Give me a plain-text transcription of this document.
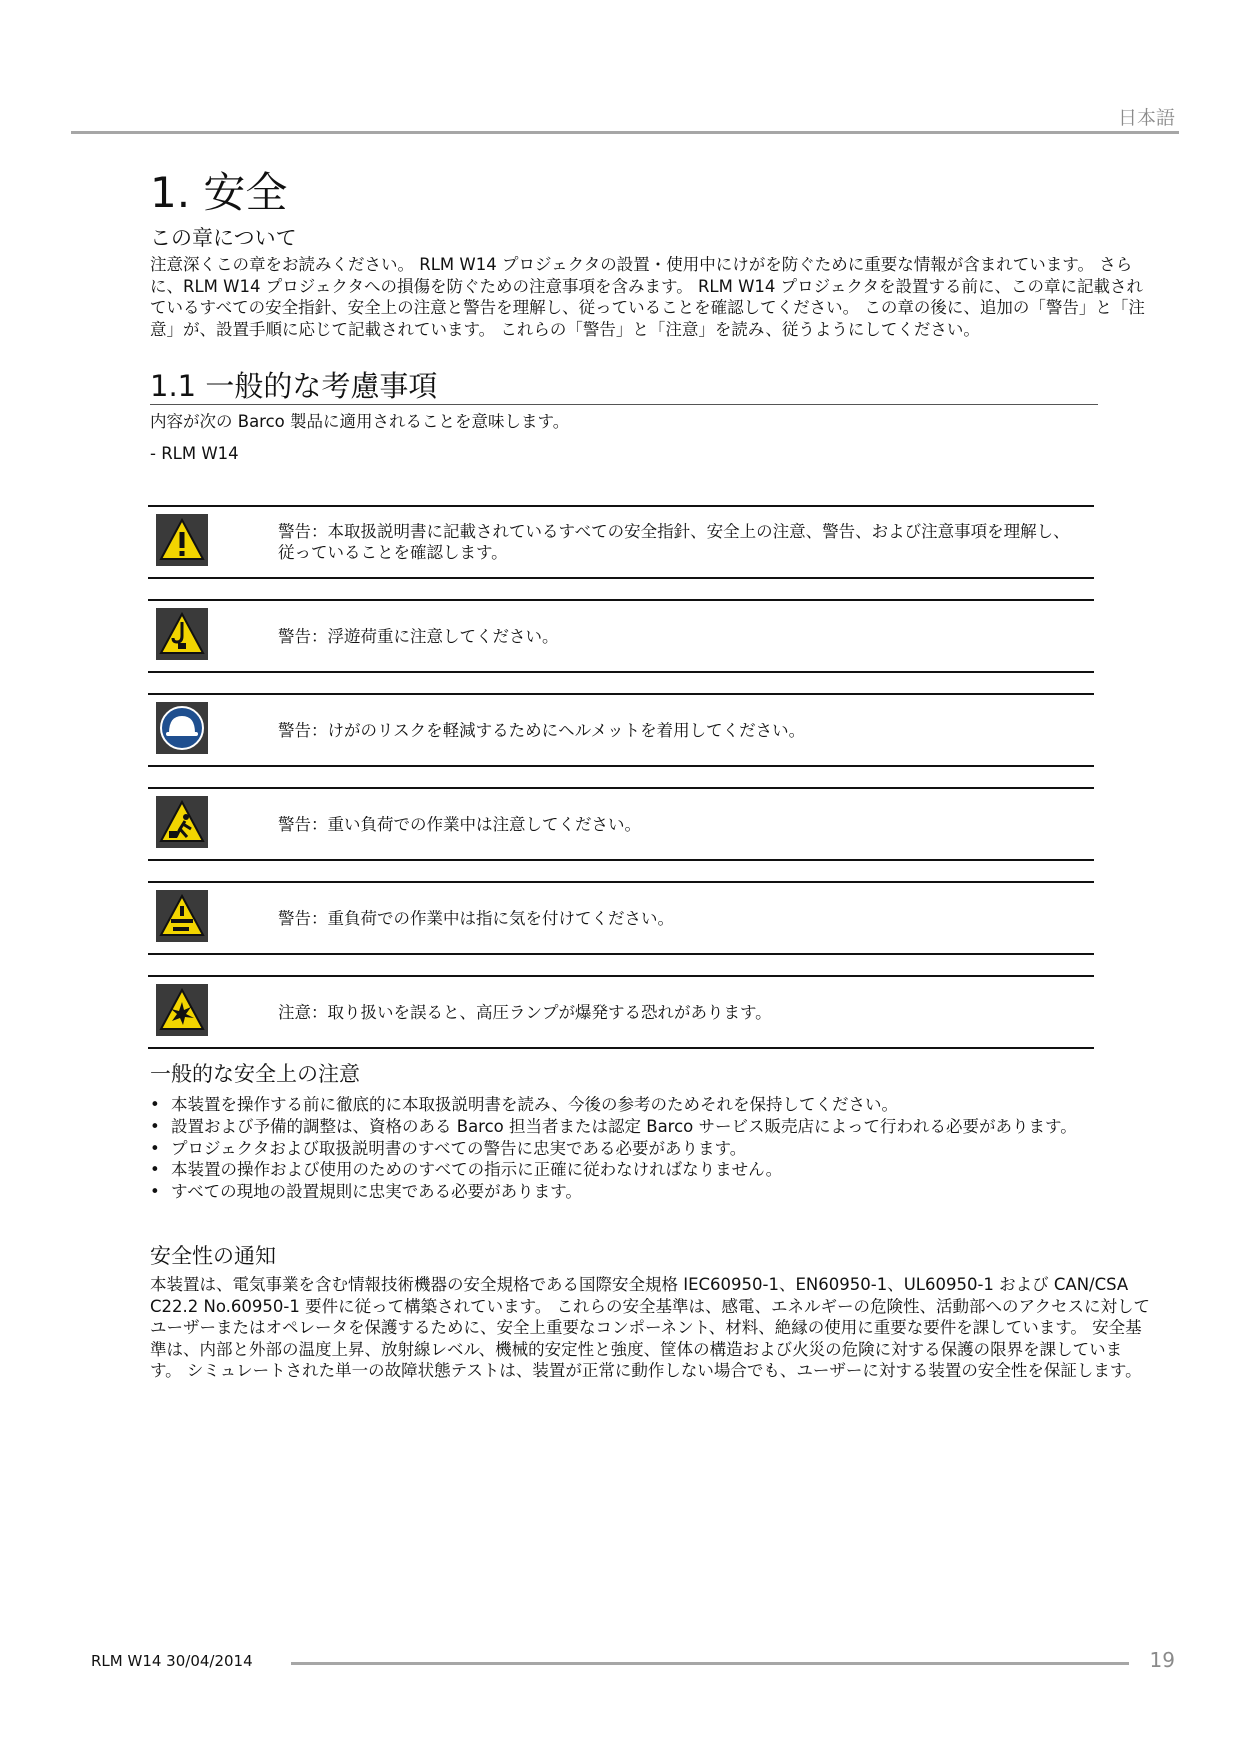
日本語
1. 安全
この章について

注意深くこの章をお読みください。 RLM W14 プロジェクタの設置・使用中にけがを防ぐために重要な情報が含まれています。 さらに、RLM W14 プロジェクタへの損傷を防ぐための注意事項を含みます。 RLM W14 プロジェクタを設置する前に、この章に記載されているすべての安全指針、安全上の注意と警告を理解し、従っていることを確認してください。 この章の後に、追加の「警告」と「注意」が、設置手順に応じて記載されています。 これらの「警告」と「注意」を読み、従うようにしてください。

1.1 一般的な考慮事項

内容が次の Barco 製品に適用されることを意味します。

- RLM W14

警告：本取扱説明書に記載されているすべての安全指針、安全上の注意、警告、および注意事項を理解し、従っていることを確認します。
警告：浮遊荷重に注意してください。
警告：けがのリスクを軽減するためにヘルメットを着用してください。
警告：重い負荷での作業中は注意してください。
警告：重負荷での作業中は指に気を付けてください。
注意：取り扱いを誤ると、高圧ランプが爆発する恐れがあります。
一般的な安全上の注意
• 本装置を操作する前に徹底的に本取扱説明書を読み、今後の参考のためそれを保持してください。
• 設置および予備的調整は、資格のある Barco 担当者または認定 Barco サービス販売店によって行われる必要があります。
• プロジェクタおよび取扱説明書のすべての警告に忠実である必要があります。
• 本装置の操作および使用のためのすべての指示に正確に従わなければなりません。
• すべての現地の設置規則に忠実である必要があります。
安全性の通知

本装置は、電気事業を含む情報技術機器の安全規格である国際安全規格 IEC60950-1、EN60950-1、UL60950-1 および CAN/CSA C22.2 No.60950-1 要件に従って構築されています。 これらの安全基準は、感電、エネルギーの危険性、活動部へのアクセスに対してユーザーまたはオペレータを保護するために、安全上重要なコンポーネント、材料、絶縁の使用に重要な要件を課しています。 安全基準は、内部と外部の温度上昇、放射線レベル、機械的安定性と強度、筐体の構造および火災の危険に対する保護の限界を課しています。 シミュレートされた単一の故障状態テストは、装置が正常に動作しない場合でも、ユーザーに対する装置の安全性を保証します。

RLM W14 30/04/2014	19
